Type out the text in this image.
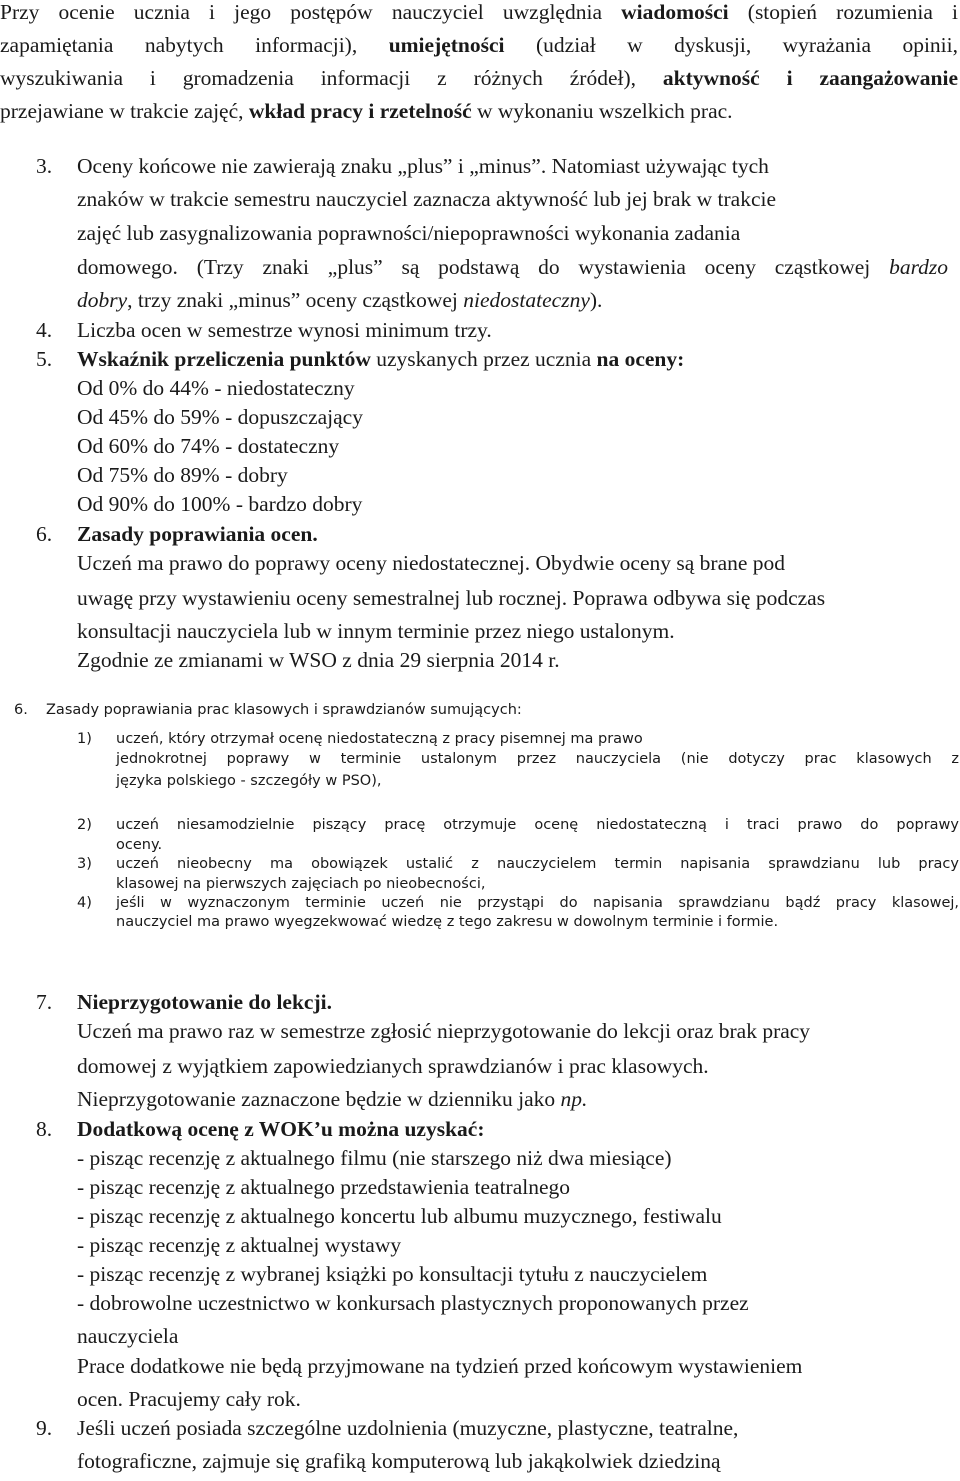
Przy ocenie ucznia i jego postępów nauczyciel uwzględnia wiadomości (stopień rozumienia i
zapamiętania nabytych informacji), umiejętności (udział w dyskusji, wyrażania opinii,
wyszukiwania i gromadzenia informacji z różnych źródeł), aktywność i zaangażowanie
przejawiane w trakcie zajęć, wkład pracy i rzetelność w wykonaniu wszelkich prac.
3. Oceny końcowe nie zawierają znaku „plus” i „minus”. Natomiast używając tych
znaków w trakcie semestru nauczyciel zaznacza aktywność lub jej brak w trakcie
zajęć lub zasygnalizowania poprawności/niepoprawności wykonania zadania
domowego. (Trzy znaki „plus” są podstawą do wystawienia oceny cząstkowej bardzo
dobry, trzy znaki „minus” oceny cząstkowej niedostateczny).
4. Liczba ocen w semestrze wynosi minimum trzy.
5. Wskaźnik przeliczenia punktów uzyskanych przez ucznia na oceny:
Od 0% do 44% - niedostateczny
Od 45% do 59% - dopuszczający
Od 60% do 74% - dostateczny
Od 75% do 89% - dobry
Od 90% do 100% - bardzo dobry
6. Zasady poprawiania ocen.
Uczeń ma prawo do poprawy oceny niedostatecznej. Obydwie oceny są brane pod
uwagę przy wystawieniu oceny semestralnej lub rocznej. Poprawa odbywa się podczas
konsultacji nauczyciela lub w innym terminie przez niego ustalonym.
Zgodnie ze zmianami w WSO z dnia 29 sierpnia 2014 r.
6. Zasady poprawiania prac klasowych i sprawdzianów sumujących:
1) uczeń, który otrzymał ocenę niedostateczną z pracy pisemnej ma prawo
jednokrotnej poprawy w terminie ustalonym przez nauczyciela (nie dotyczy prac klasowych z
języka polskiego - szczegóły w PSO),
2) uczeń niesamodzielnie piszący pracę otrzymuje ocenę niedostateczną i traci prawo do poprawy
oceny.
3) uczeń nieobecny ma obowiązek ustalić z nauczycielem termin napisania sprawdzianu lub pracy
klasowej na pierwszych zajęciach po nieobecności,
4) jeśli w wyznaczonym terminie uczeń nie przystąpi do napisania sprawdzianu bądź pracy klasowej,
nauczyciel ma prawo wyegzekwować wiedzę z tego zakresu w dowolnym terminie i formie.
7. Nieprzygotowanie do lekcji.
Uczeń ma prawo raz w semestrze zgłosić nieprzygotowanie do lekcji oraz brak pracy
domowej z wyjątkiem zapowiedzianych sprawdzianów i prac klasowych.
Nieprzygotowanie zaznaczone będzie w dzienniku jako np.
8. Dodatkową ocenę z WOK’u można uzyskać:
- pisząc recenzję z aktualnego filmu (nie starszego niż dwa miesiące)
- pisząc recenzję z aktualnego przedstawienia teatralnego
- pisząc recenzję z aktualnego koncertu lub albumu muzycznego, festiwalu
- pisząc recenzję z aktualnej wystawy
- pisząc recenzję z wybranej książki po konsultacji tytułu z nauczycielem
- dobrowolne uczestnictwo w konkursach plastycznych proponowanych przez
nauczyciela
Prace dodatkowe nie będą przyjmowane na tydzień przed końcowym wystawieniem
ocen. Pracujemy cały rok.
9. Jeśli uczeń posiada szczególne uzdolnienia (muzyczne, plastyczne, teatralne,
fotograficzne, zajmuje się grafiką komputerową lub jakąkolwiek dziedziną
